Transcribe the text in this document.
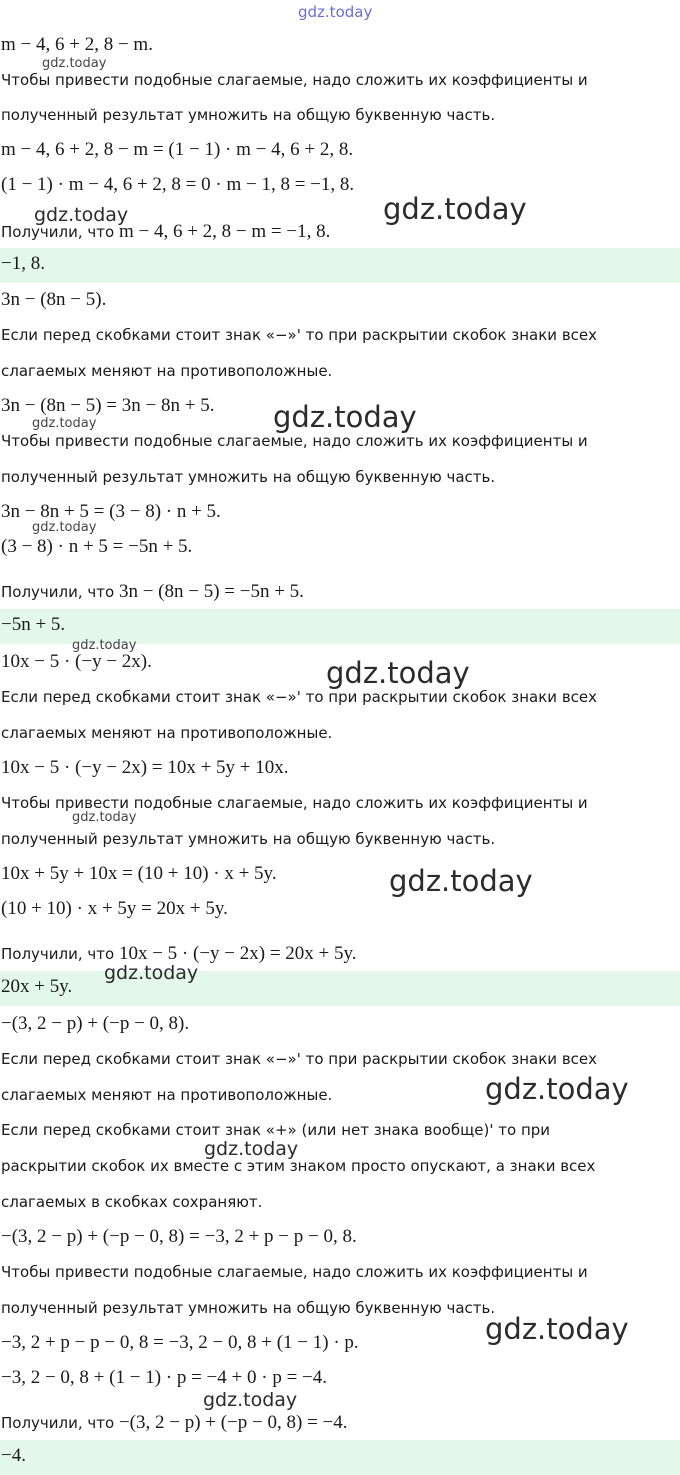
gdz.today
m − 4, 6 + 2, 8 − m.
Чтобы привести подобные слагаемые, надо сложить их коэффициенты и
полученный результат умножить на общую буквенную часть.
m − 4, 6 + 2, 8 − m = (1 − 1) · m − 4, 6 + 2, 8.
(1 − 1) · m − 4, 6 + 2, 8 = 0 · m − 1, 8 = −1, 8.
Получили, что m − 4, 6 + 2, 8 − m = −1, 8.
−1, 8.
3n − (8n − 5).
Если перед скобками стоит знак «−»' то при раскрытии скобок знаки всех
слагаемых меняют на противоположные.
3n − (8n − 5) = 3n − 8n + 5.
Чтобы привести подобные слагаемые, надо сложить их коэффициенты и
полученный результат умножить на общую буквенную часть.
3n − 8n + 5 = (3 − 8) · n + 5.
(3 − 8) · n + 5 = −5n + 5.
Получили, что 3n − (8n − 5) = −5n + 5.
−5n + 5.
10x − 5 · (−y − 2x).
Если перед скобками стоит знак «−»' то при раскрытии скобок знаки всех
слагаемых меняют на противоположные.
10x − 5 · (−y − 2x) = 10x + 5y + 10x.
Чтобы привести подобные слагаемые, надо сложить их коэффициенты и
полученный результат умножить на общую буквенную часть.
10x + 5y + 10x = (10 + 10) · x + 5y.
(10 + 10) · x + 5y = 20x + 5y.
Получили, что 10x − 5 · (−y − 2x) = 20x + 5y.
20x + 5y.
−(3, 2 − p) + (−p − 0, 8).
Если перед скобками стоит знак «−»' то при раскрытии скобок знаки всех
слагаемых меняют на противоположные.
Если перед скобками стоит знак «+» (или нет знака вообще)' то при
раскрытии скобок их вместе с этим знаком просто опускают, а знаки всех
слагаемых в скобках сохраняют.
−(3, 2 − p) + (−p − 0, 8) = −3, 2 + p − p − 0, 8.
Чтобы привести подобные слагаемые, надо сложить их коэффициенты и
полученный результат умножить на общую буквенную часть.
−3, 2 + p − p − 0, 8 = −3, 2 − 0, 8 + (1 − 1) · p.
−3, 2 − 0, 8 + (1 − 1) · p = −4 + 0 · p = −4.
Получили, что −(3, 2 − p) + (−p − 0, 8) = −4.
−4.
gdz.today
gdz.today	gdz.today
gdz.today
gdz.today
gdz.today
gdz.today
gdz.today
gdz.today
gdz.today
gdz.today
gdz.today
gdz.today
gdz.today
gdz.today
